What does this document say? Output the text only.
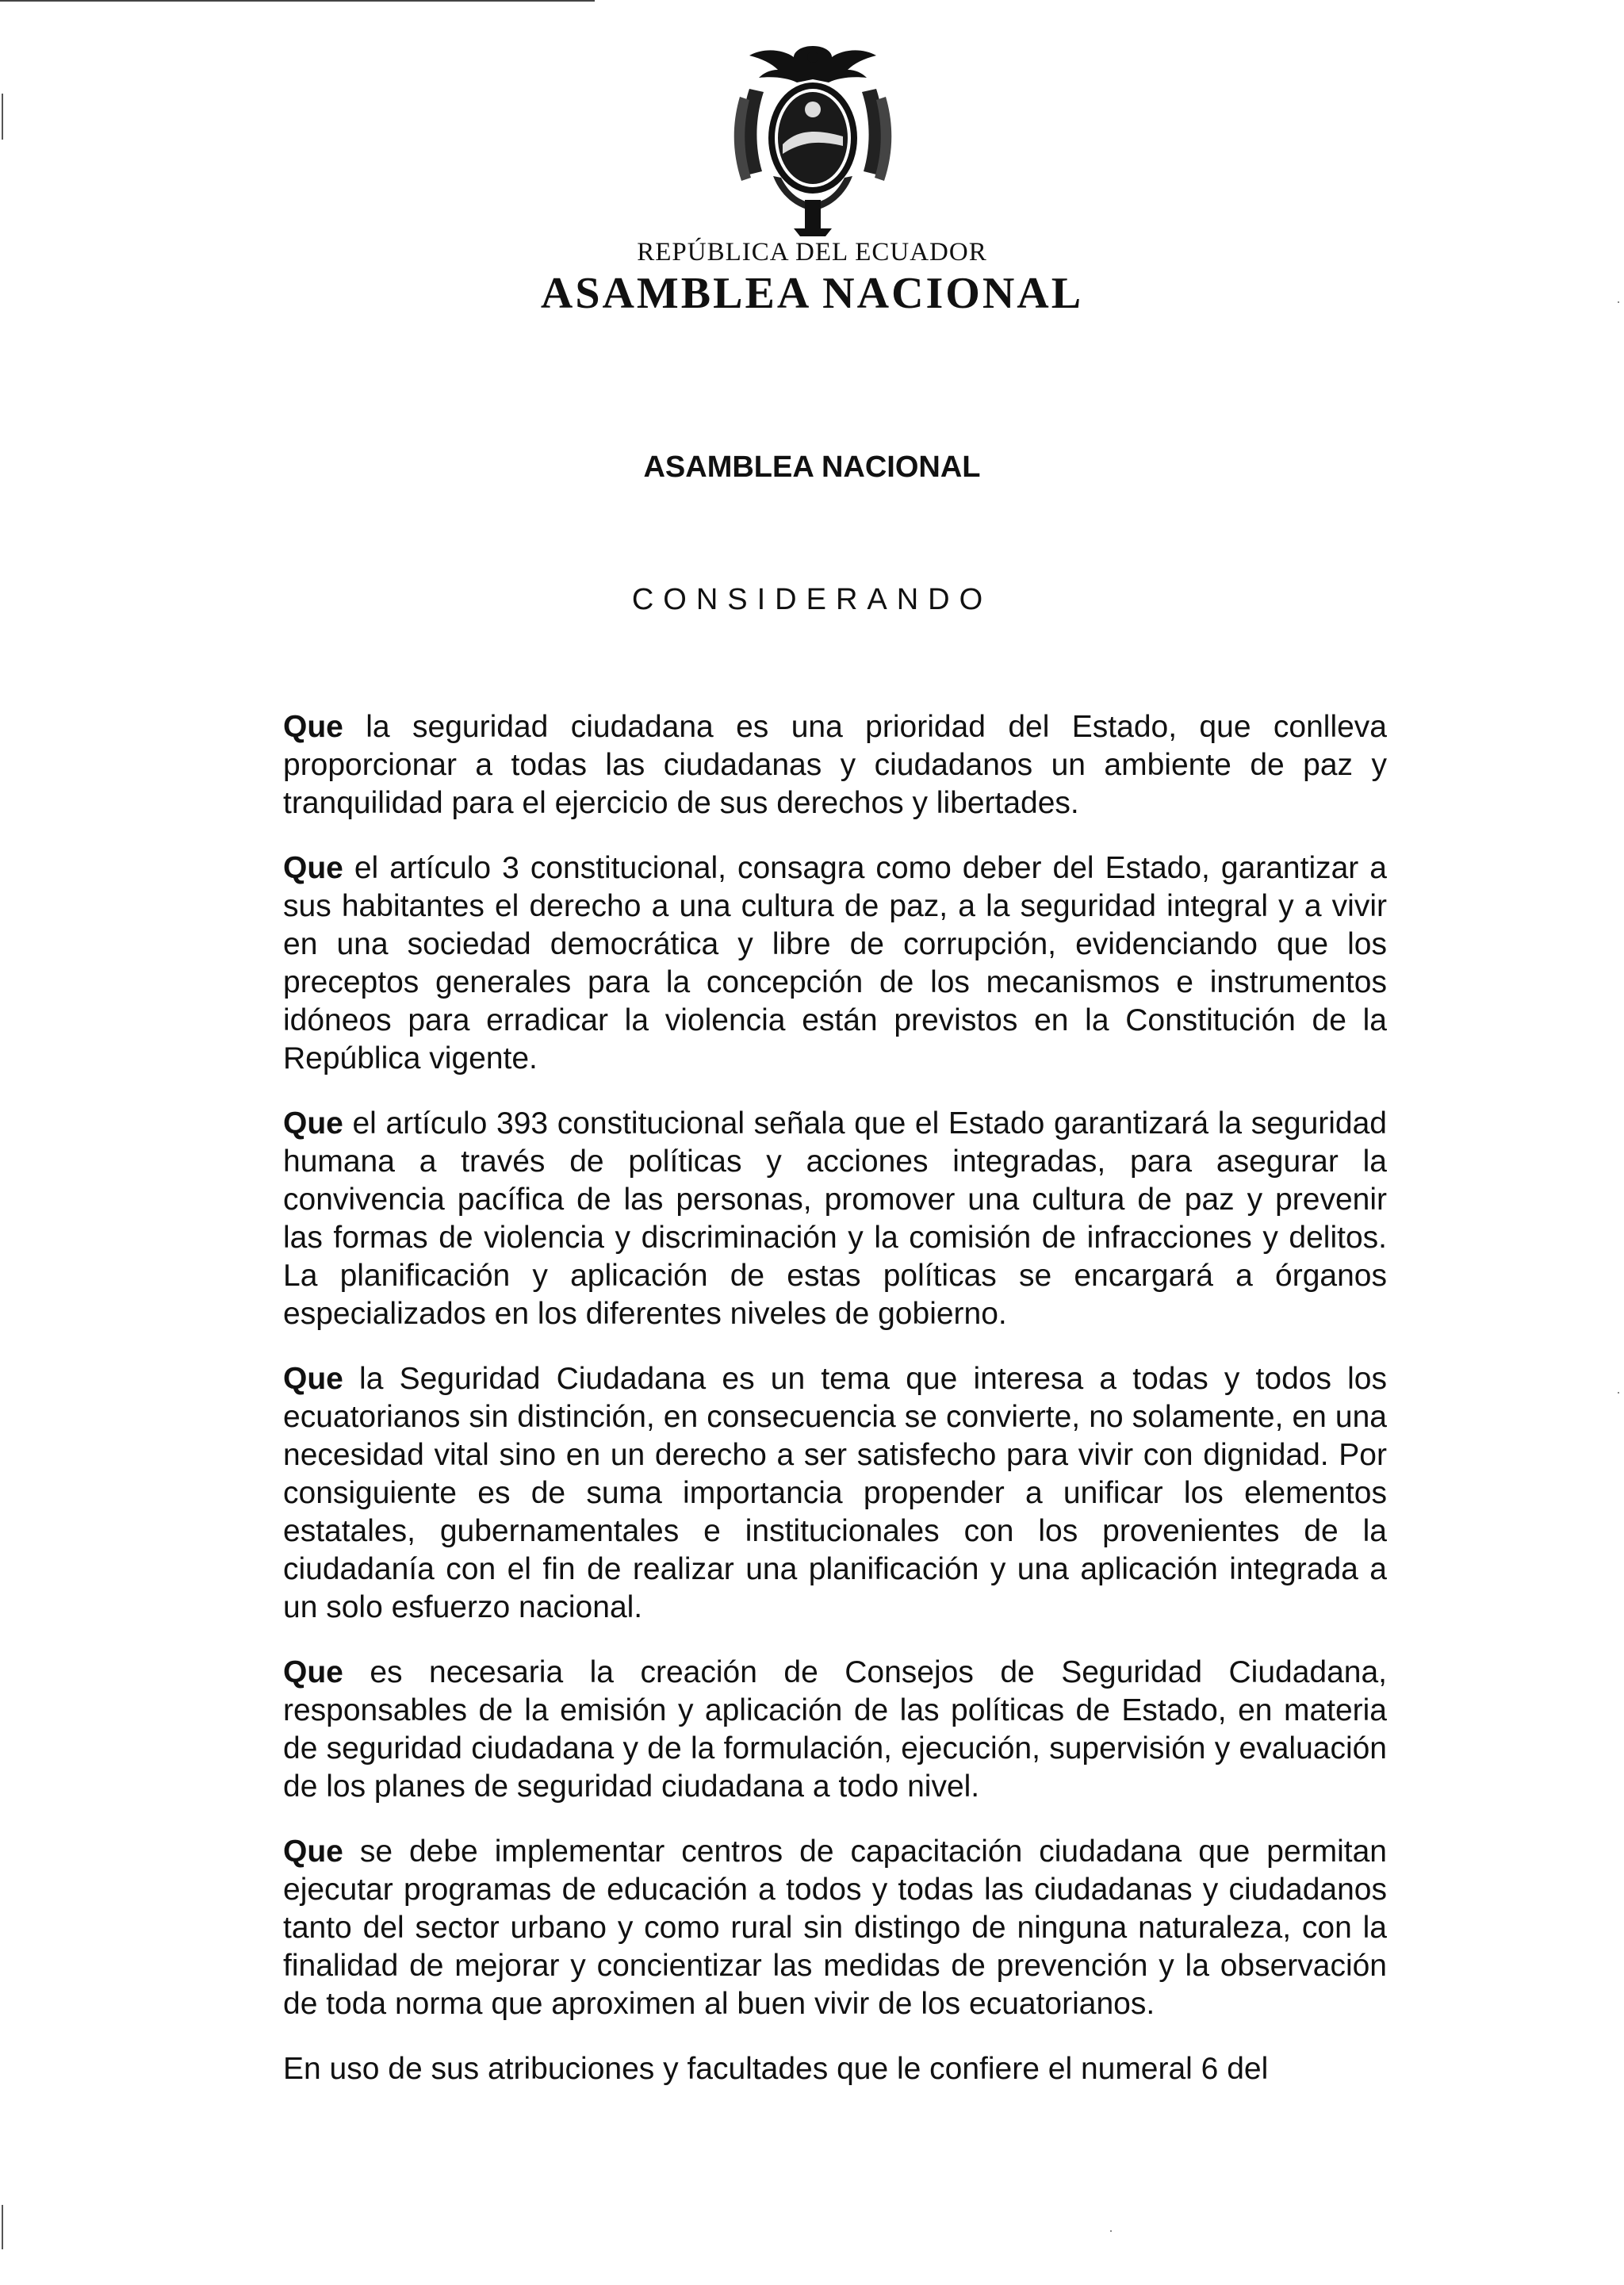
REPÚBLICA DEL ECUADOR
ASAMBLEA NACIONAL
ASAMBLEA NACIONAL
CONSIDERANDO

Que la seguridad ciudadana es una prioridad del Estado, que conlleva proporcionar a todas las ciudadanas y ciudadanos un ambiente de paz y tranquilidad para el ejercicio de sus derechos y libertades.

Que el artículo 3 constitucional, consagra como deber del Estado, garantizar a sus habitantes el derecho a una cultura de paz, a la seguridad integral y a vivir en una sociedad democrática y libre de corrupción, evidenciando que los preceptos generales para la concepción de los mecanismos e instrumentos idóneos para erradicar la violencia están previstos en la Constitución de la República vigente.

Que el artículo 393 constitucional señala que el Estado garantizará la seguridad humana a través de políticas y acciones integradas, para asegurar la convivencia pacífica de las personas, promover una cultura de paz y prevenir las formas de violencia y discriminación y la comisión de infracciones y delitos. La planificación y aplicación de estas políticas se encargará a órganos especializados en los diferentes niveles de gobierno.

Que la Seguridad Ciudadana es un tema que interesa a todas y todos los ecuatorianos sin distinción, en consecuencia se convierte, no solamente, en una necesidad vital sino en un derecho a ser satisfecho para vivir con dignidad. Por consiguiente es de suma importancia propender a unificar los elementos estatales, gubernamentales e institucionales con los provenientes de la ciudadanía con el fin de realizar una planificación y una aplicación integrada a un solo esfuerzo nacional.

Que es necesaria la creación de Consejos de Seguridad Ciudadana, responsables de la emisión y aplicación de las políticas de Estado, en materia de seguridad ciudadana y de la formulación, ejecución, supervisión y evaluación de los planes de seguridad ciudadana a todo nivel.

Que se debe implementar centros de capacitación ciudadana que permitan ejecutar programas de educación a todos y todas las ciudadanas y ciudadanos tanto del sector urbano y como rural sin distingo de ninguna naturaleza, con la finalidad de mejorar y concientizar las medidas de prevención y la observación de toda norma que aproximen al buen vivir de los ecuatorianos.

En uso de sus atribuciones y facultades que le confiere el numeral 6 del
